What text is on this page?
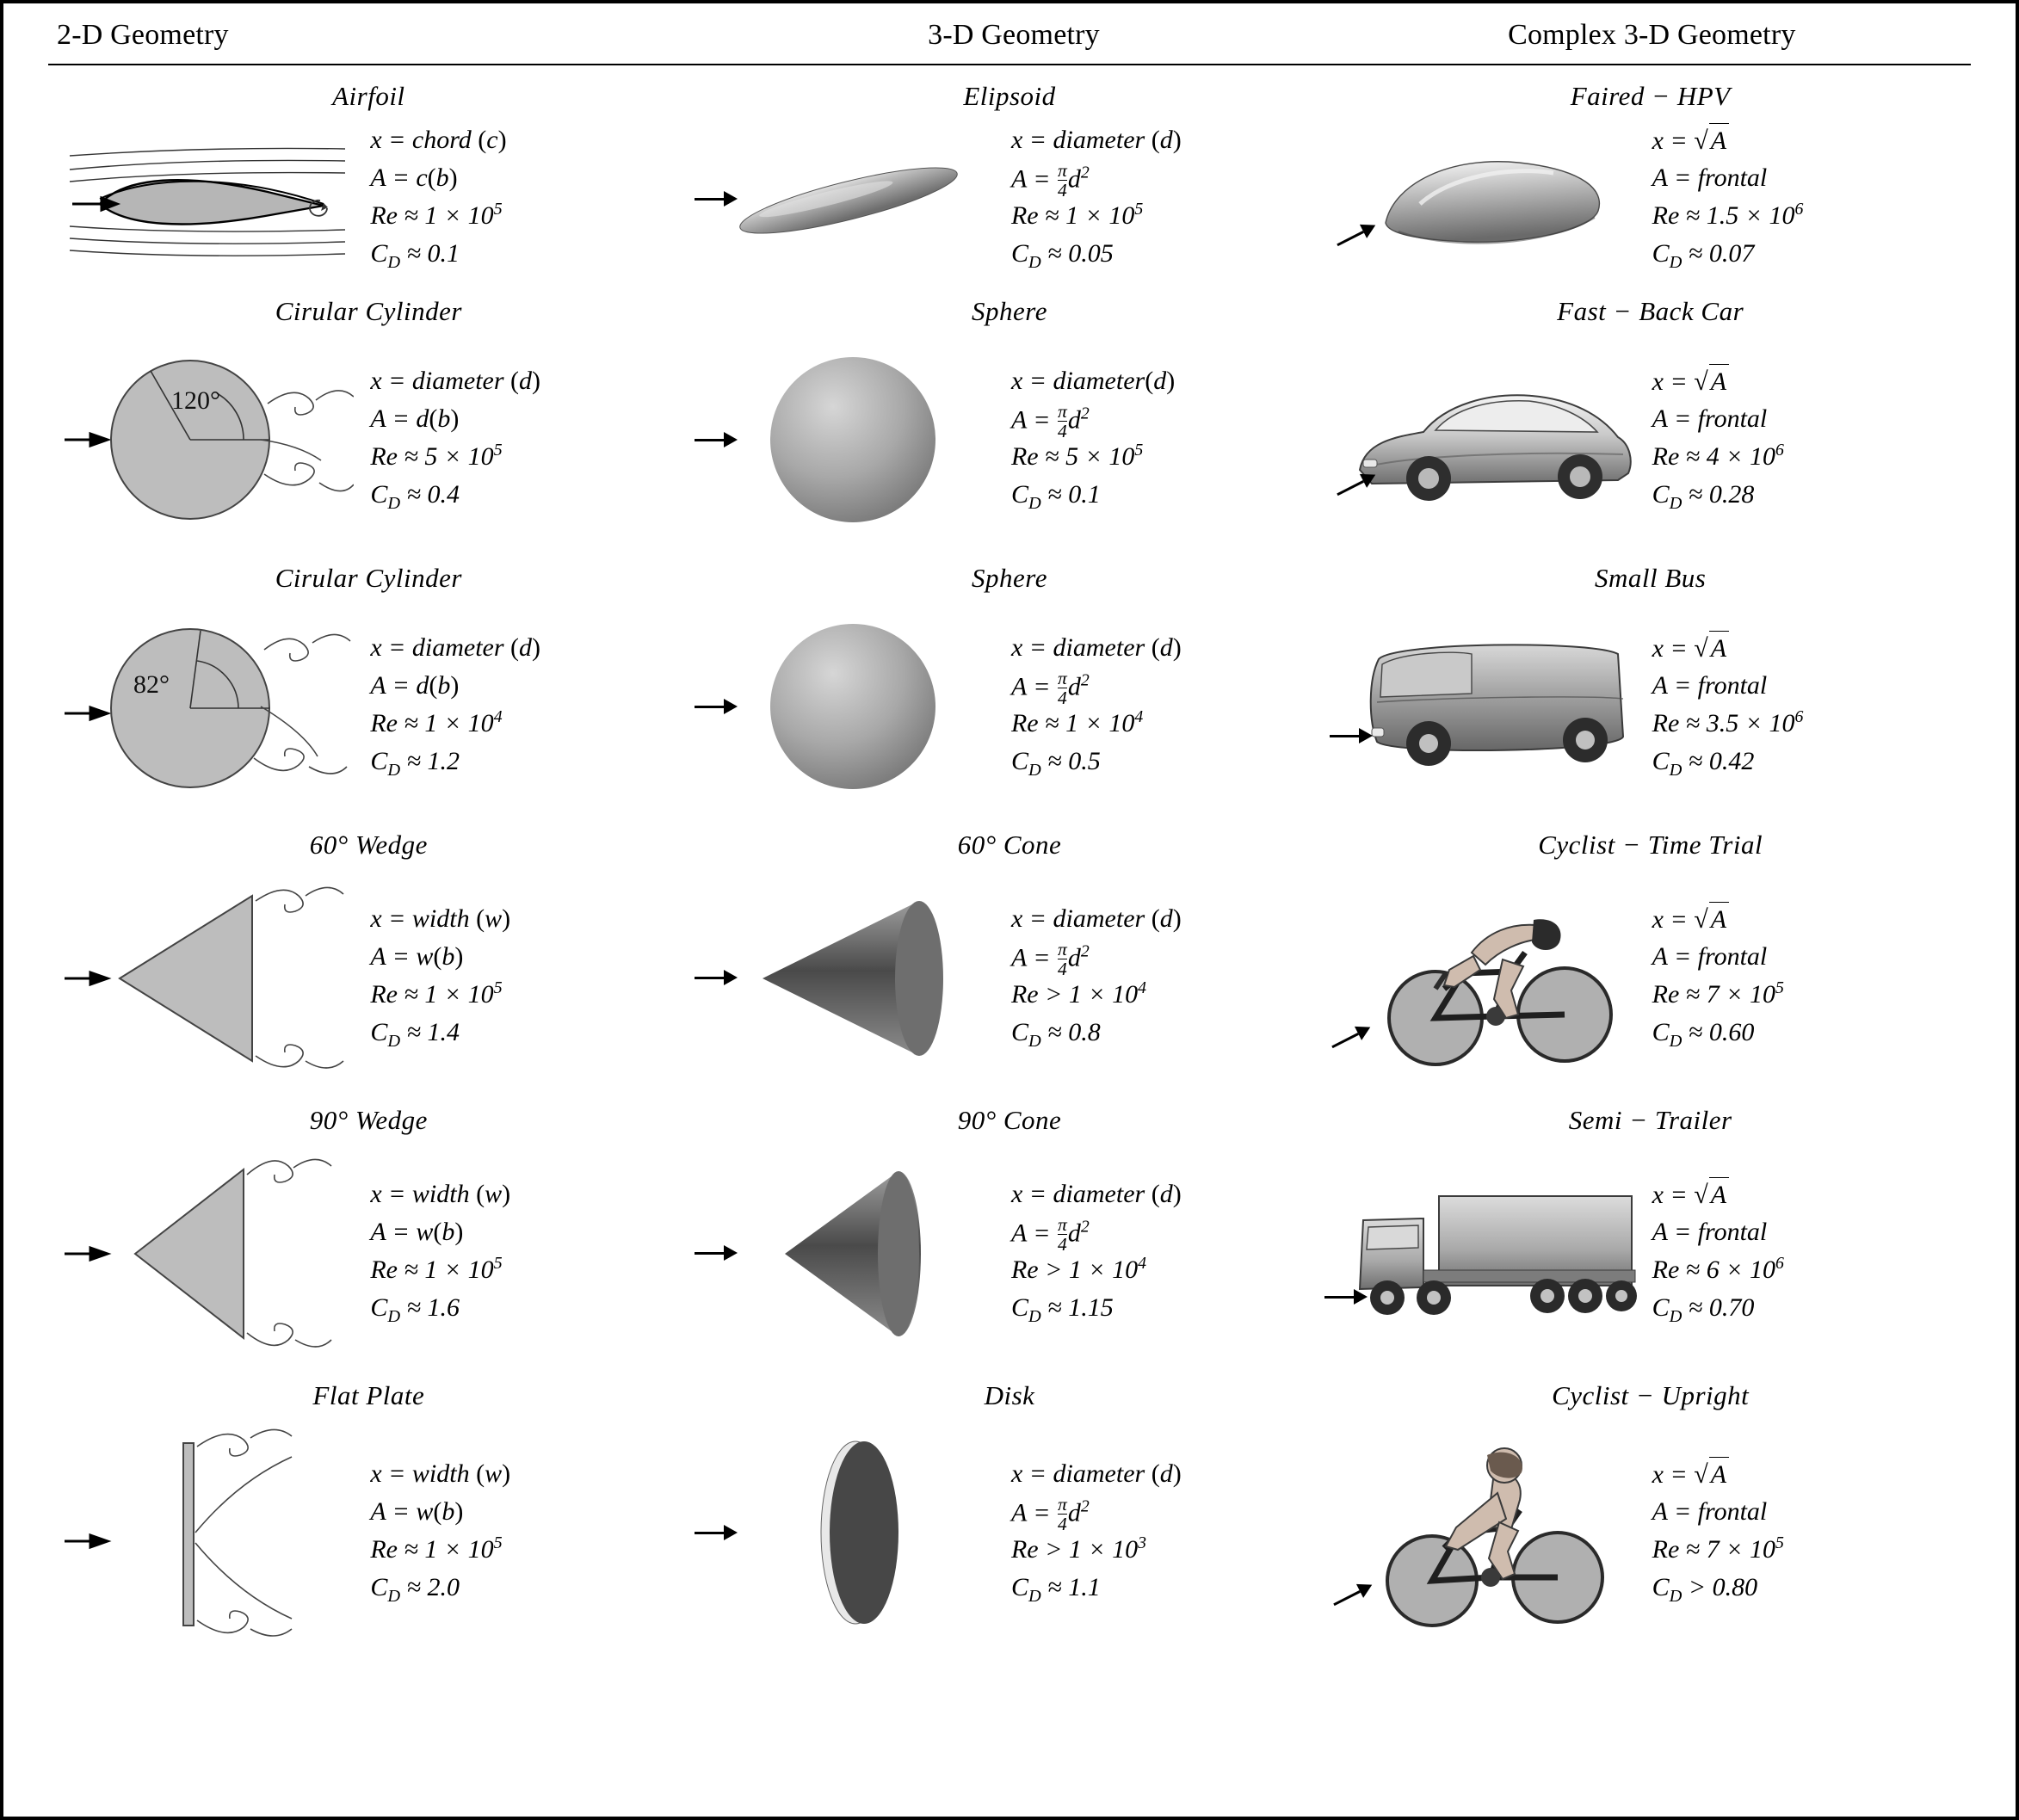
2-D Geometry	3-D Geometry	Complex 3-D Geometry
Airfoil
x = chord (c)
A = c(b)
$Re \approx 1 \times 10^5$
$C_D \approx 0.1$
Elipsoid
x = diameter (d)
$A = \frac{\pi}{4} d^2$
$Re \approx 1 \times 10^5$
$C_D \approx 0.05$
Faired − HPV
x = √ A
A = frontal
$Re \approx 1.5 \times 10^6$
$C_D \approx 0.07$
Cirular Cylinder
120°
x = diameter (d)
A = d(b)
$Re \approx 5 \times 10^5$
$C_D \approx 0.4$
Sphere
x = diameter(d)
$A = \frac{\pi}{4} d^2$
$Re \approx 5 \times 10^5$
$C_D \approx 0.1$
Fast − Back Car
x = √ A
A = frontal
$Re \approx 4 \times 10^6$
$C_D \approx 0.28$
Cirular Cylinder
82°
x = diameter (d)
A = d(b)
$Re \approx 1 \times 10^4$
$C_D \approx 1.2$
Sphere
x = diameter (d)
$A = \frac{\pi}{4} d^2$
$Re \approx 1 \times 10^4$
$C_D \approx 0.5$
Small Bus
x = √ A
A = frontal
$Re \approx 3.5 \times 10^6$
$C_D \approx 0.42$
60° Wedge
x = width (w)
A = w(b)
$Re \approx 1 \times 10^5$
$C_D \approx 1.4$
60° Cone
x = diameter (d)
$A = \frac{\pi}{4} d^2$
$Re > 1 \times 10^4$
$C_D \approx 0.8$
Cyclist − Time Trial
x = √ A
A = frontal
$Re \approx 7 \times 10^5$
$C_D \approx 0.60$
90° Wedge
x = width (w)
A = w(b)
$Re \approx 1 \times 10^5$
$C_D \approx 1.6$
90° Cone
x = diameter (d)
$A = \frac{\pi}{4} d^2$
$Re > 1 \times 10^4$
$C_D \approx 1.15$
Semi − Trailer
x = √ A
A = frontal
$Re \approx 6 \times 10^6$
$C_D \approx 0.70$
Flat Plate
x = width (w)
A = w(b)
$Re \approx 1 \times 10^5$
$C_D \approx 2.0$
Disk
x = diameter (d)
$A = \frac{\pi}{4} d^2$
$Re > 1 \times 10^3$
$C_D \approx 1.1$
Cyclist − Upright
x = √ A
A = frontal
$Re \approx 7 \times 10^5$
$C_D > 0.80$
